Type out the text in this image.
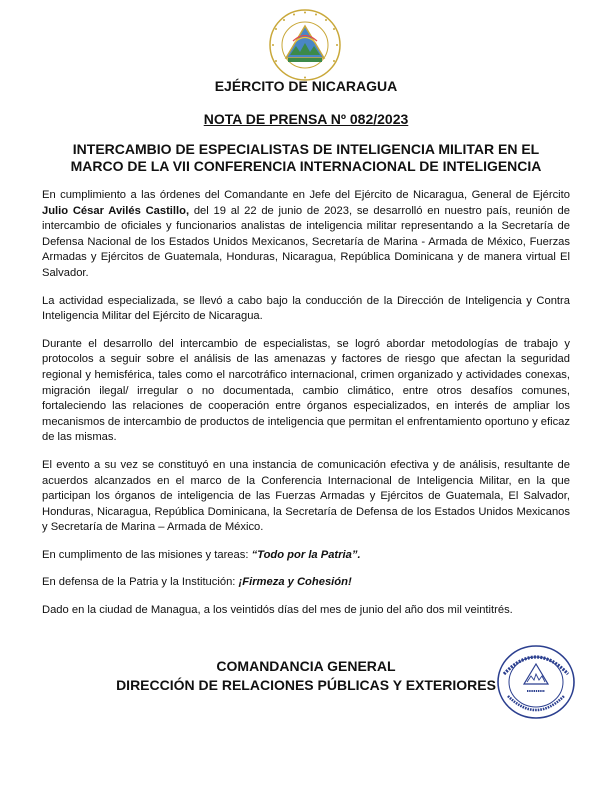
EJÉRCITO DE NICARAGUA
NOTA DE PRENSA Nº 082/2023
INTERCAMBIO DE ESPECIALISTAS DE INTELIGENCIA MILITAR EN EL
MARCO DE LA VII CONFERENCIA INTERNACIONAL DE INTELIGENCIA

En cumplimiento a las órdenes del Comandante en Jefe del Ejército de Nicaragua, General de Ejército Julio César Avilés Castillo, del 19 al 22 de junio de 2023, se desarrolló en nuestro país, reunión de intercambio de oficiales y funcionarios analistas de inteligencia militar representando a la Secretaría de Defensa Nacional de los Estados Unidos Mexicanos, Secretaría de Marina - Armada de México, Fuerzas Armadas y Ejércitos de Guatemala, Honduras, Nicaragua, República Dominicana y de manera virtual El Salvador.

La actividad especializada, se llevó a cabo bajo la conducción de la Dirección de Inteligencia y Contra Inteligencia Militar del Ejército de Nicaragua.

Durante el desarrollo del intercambio de especialistas, se logró abordar metodologías de trabajo y protocolos a seguir sobre el análisis de las amenazas y factores de riesgo que afectan la seguridad regional y hemisférica, tales como el narcotráfico internacional, crimen organizado y actividades conexas, migración ilegal/ irregular o no documentada, cambio climático, entre otros desafíos comunes, fortaleciendo las relaciones de cooperación entre órganos especializados, en interés de ampliar los mecanismos de intercambio de productos de inteligencia que permitan el enfrentamiento oportuno y eficaz de las mismas.

El evento a su vez se constituyó en una instancia de comunicación efectiva y de análisis, resultante de acuerdos alcanzados en el marco de la Conferencia Internacional de Inteligencia Militar, en la que participan los órganos de inteligencia de las Fuerzas Armadas y Ejércitos de Guatemala, El Salvador, Honduras, Nicaragua, República Dominicana, la Secretaría de Defensa de los Estados Unidos Mexicanos y Secretaría de Marina – Armada de México.

En cumplimento de las misiones y tareas: “Todo por la Patria”.

En defensa de la Patria y la Institución: ¡Firmeza y Cohesión!

Dado en la ciudad de Managua, a los veintidós días del mes de junio del año dos mil veintitrés.

COMANDANCIA GENERAL
DIRECCIÓN DE RELACIONES PÚBLICAS Y EXTERIORES
